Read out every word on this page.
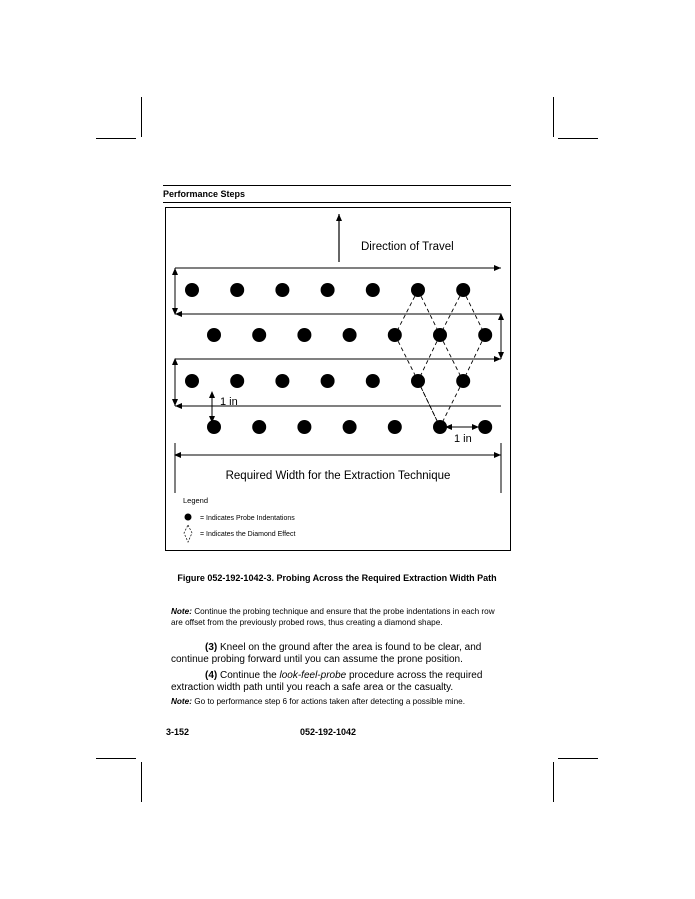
Performance Steps
Direction of Travel
1 in
1 in
Required Width for the Extraction Technique
Legend
= Indicates Probe Indentations
= Indicates the Diamond Effect
Figure 052-192-1042-3. Probing Across the Required Extraction Width Path
Note: Continue the probing technique and ensure that the probe indentations in each row are offset from the previously probed rows, thus creating a diamond shape.
(3) Kneel on the ground after the area is found to be clear, and continue probing forward until you can assume the prone position.
(4) Continue the look-feel-probe procedure across the required extraction width path until you reach a safe area or the casualty.
Note: Go to performance step 6 for actions taken after detecting a possible mine.
3-152	052-192-1042
